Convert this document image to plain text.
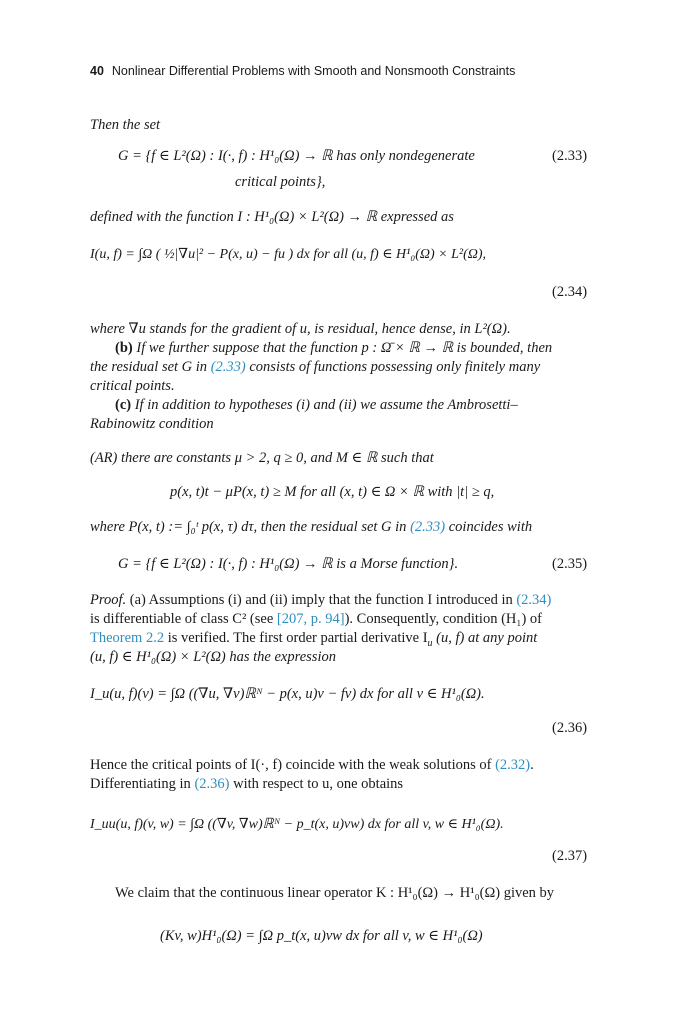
40 Nonlinear Differential Problems with Smooth and Nonsmooth Constraints
Then the set
G = {f ∈ L²(Ω) : I(·, f) : H¹₀(Ω) → ℝ has only nondegenerate	(2.33)
critical points},
defined with the function I : H¹₀(Ω) × L²(Ω) → ℝ expressed as
I(u, f) = ∫Ω ( ½|∇u|² − P(x, u) − fu ) dx for all (u, f) ∈ H¹₀(Ω) × L²(Ω),
(2.34)
where ∇u stands for the gradient of u, is residual, hence dense, in L²(Ω).
(b) If we further suppose that the function p : Ω̄ × ℝ → ℝ is bounded, then
the residual set G in (2.33) consists of functions possessing only finitely many
critical points.
(c) If in addition to hypotheses (i) and (ii) we assume the Ambrosetti–
Rabinowitz condition
(AR) there are constants μ > 2, q ≥ 0, and M ∈ ℝ such that
p(x, t)t − μP(x, t) ≥ M for all (x, t) ∈ Ω × ℝ with |t| ≥ q,
where P(x, t) := ∫₀ᵗ p(x, τ) dτ, then the residual set G in (2.33) coincides with
G = {f ∈ L²(Ω) : I(·, f) : H¹₀(Ω) → ℝ is a Morse function}.	(2.35)
Proof. (a) Assumptions (i) and (ii) imply that the function I introduced in (2.34)
is differentiable of class C² (see [207, p. 94]). Consequently, condition (H₁) of
Theorem 2.2 is verified. The first order partial derivative $I_u$ (u, f) at any point
(u, f) ∈ H¹₀(Ω) × L²(Ω) has the expression
I_u(u, f)(v) = ∫Ω ((∇u, ∇v)ℝᴺ − p(x, u)v − fv) dx for all v ∈ H¹₀(Ω).
(2.36)
Hence the critical points of I(·, f) coincide with the weak solutions of (2.32).
Differentiating in (2.36) with respect to u, one obtains
I_uu(u, f)(v, w) = ∫Ω ((∇v, ∇w)ℝᴺ − p_t(x, u)vw) dx for all v, w ∈ H¹₀(Ω).
(2.37)
We claim that the continuous linear operator K : H¹₀(Ω) → H¹₀(Ω) given by
(Kv, w)H¹₀(Ω) = ∫Ω p_t(x, u)vw dx for all v, w ∈ H¹₀(Ω)
